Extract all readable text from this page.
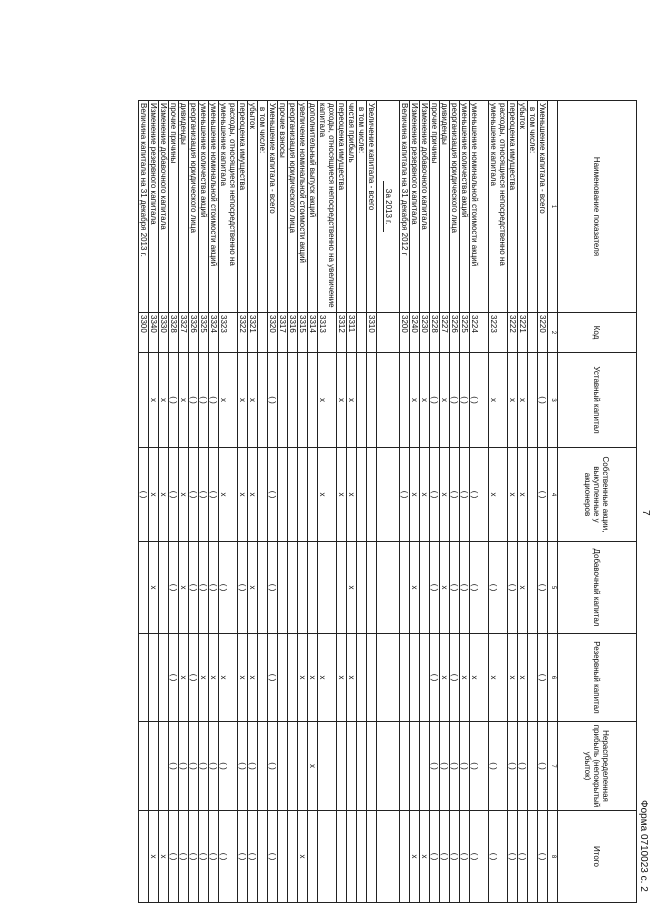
7
Форма 0710023 с. 2
Наименование показателя	Код	Уставный капитал	Собственные акции, выкупленные у акционеров	Добавочный капитал	Резервный капитал	Нераспределенная прибыль (непокрытый убыток)	Итого
1	2	3	4	5	6	7	8
Уменьшение капитала - всего	3220	( )	( )	( )	( )	( )	( )
в том числе:							
убыток	3221	x	x	x	x	( )	( )
переоценка имущества	3222	x	x	( )	x	( )	( )
расходы, относящиеся непосредственно на уменьшение капитала	3223	x	x	( )	x	( )	( )
уменьшение номинальной стоимости акций	3224	( )	( )	( )	x	( )	( )
уменьшение количества акций	3225	( )	( )	( )	x	( )	( )
реорганизация юридического лица	3226	( )	( )	( )	( )	( )	( )
дивиденды	3227	x	x	x	x	( )	( )
прочие причины	3228	( )	( )	( )	( )	( )	( )
Изменение добавочного капитала	3230	x	x				x
Изменение резервного капитала	3240	x	x	x			x
Величина капитала на 31 декабря 2012 г	3200		( )				
За 2013 г.							
Увеличение капитала - всего	3310						
в том числе:							
чистая прибыль	3311	x	x	x	x		
переоценка имущества	3312	x	x		x		
доходы, относящиеся непосредственно на увеличение капитала	3313	x	x		x		
дополнительный выпуск акций	3314				x	x	
увеличение номинальной стоимости акций	3315				x		x
реорганизация юридического лица	3316						
прочие взносы	3317						
Уменьшение капитала - всего	3320	( )	( )	( )	( )	( )	( )
в том числе:							
убыток	3321	x	x	x	x	( )	( )
переоценка имущества	3322	x	x	( )	x	( )	( )
расходы, относящиеся непосредственно на уменьшение капитала	3323	x	x	( )	x	( )	( )
уменьшение номинальной стоимости акций	3324	( )	( )	( )	x	( )	( )
уменьшение количества акций	3325	( )	( )	( )	x	( )	( )
реорганизация юридического лица	3326	( )	( )	( )	( )	( )	( )
дивиденды	3327	x	x	x	x	( )	( )
прочие причины	3328	( )	( )	( )	( )	( )	( )
Изменение добавочного капитала	3330	x	x				x
Изменение резервного капитала	3340	x	x	x			x
Величина капитала на 31 декабря 2013 г.	3300		( )				
